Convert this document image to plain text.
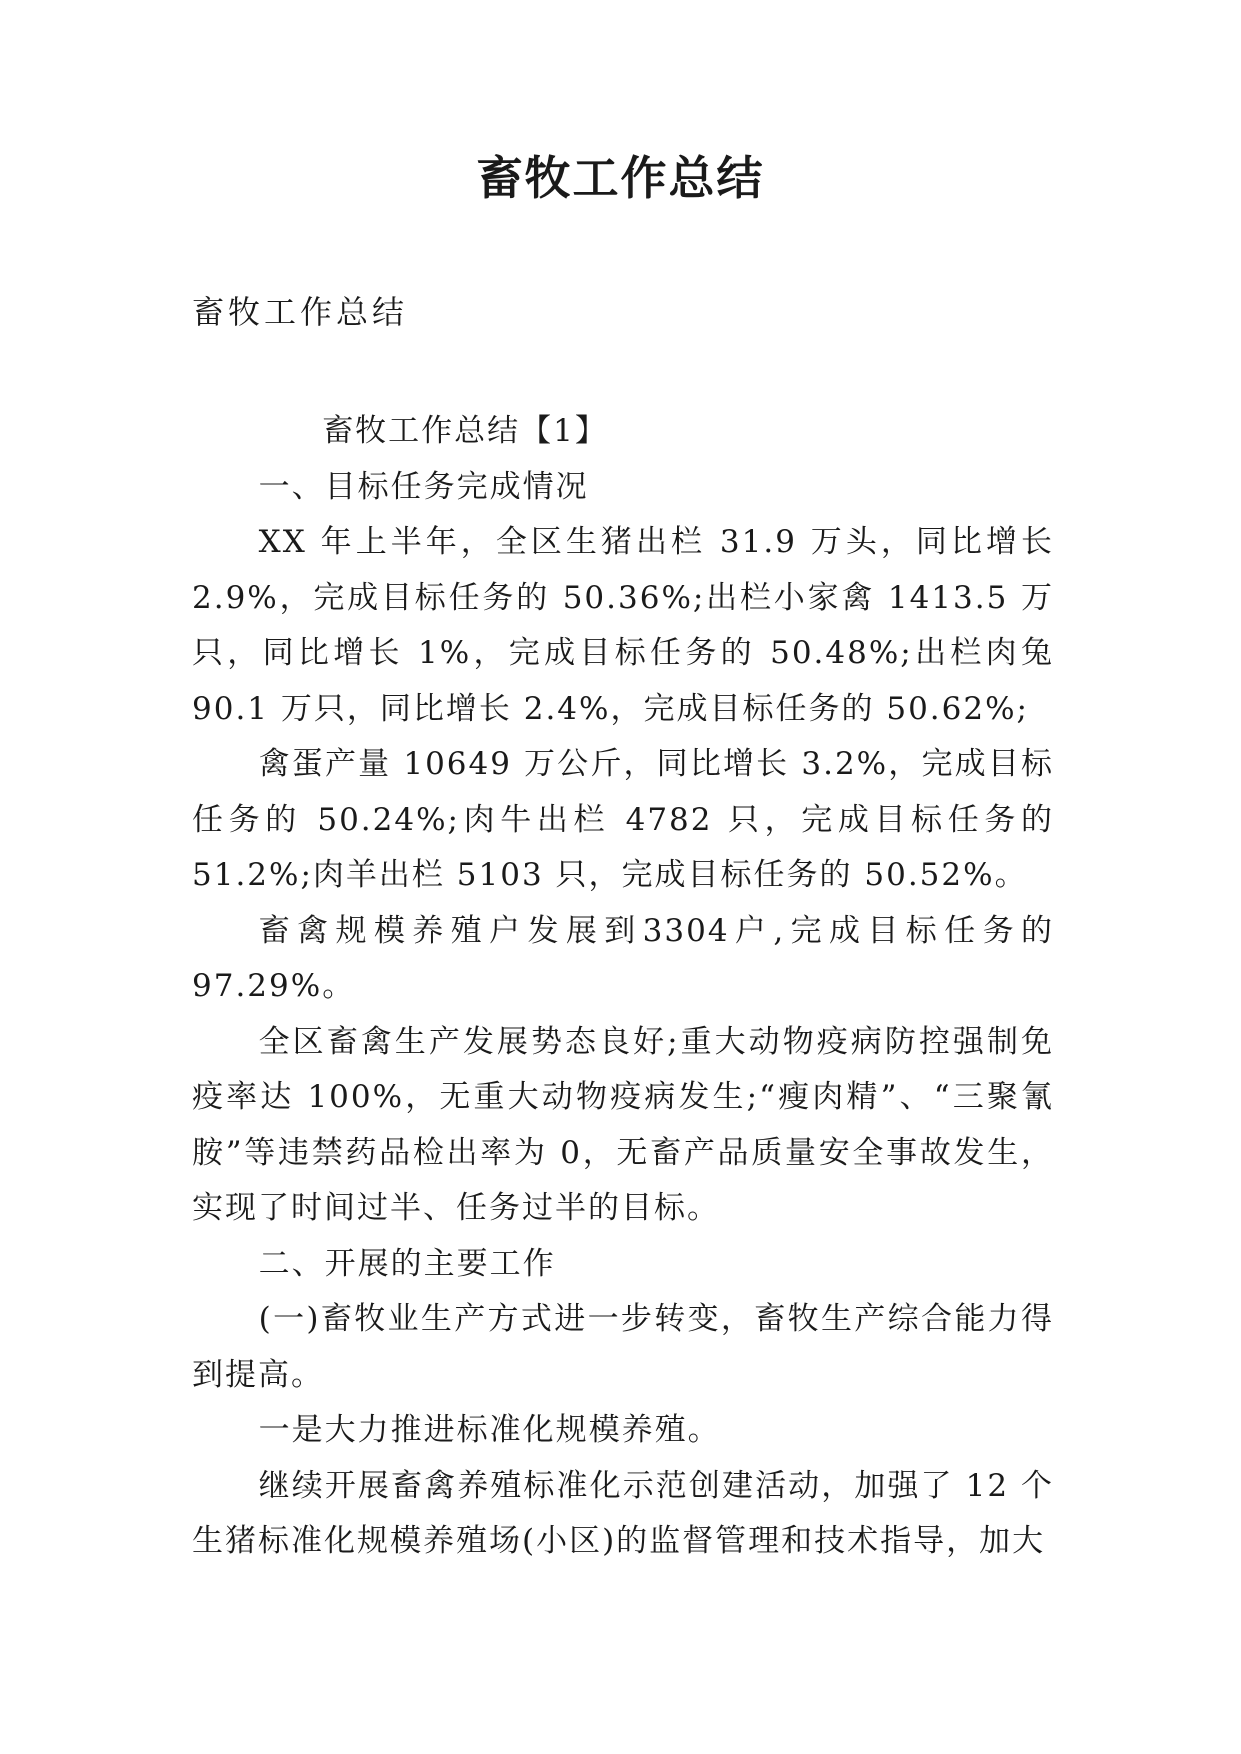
畜牧工作总结
畜牧工作总结

畜牧工作总结【1】

一、目标任务完成情况

XX 年上半年，全区生猪出栏 31.9 万头，同比增长 2.9%，完成目标任务的 50.36%;出栏小家禽 1413.5 万只，同比增长 1%，完成目标任务的 50.48%;出栏肉兔 90.1 万只，同比增长 2.4%，完成目标任务的 50.62%;

禽蛋产量 10649 万公斤，同比增长 3.2%，完成目标任务的 50.24%;肉牛出栏 4782 只，完成目标任务的 51.2%;肉羊出栏 5103 只，完成目标任务的 50.52%。

畜禽规模养殖户发展到3304户,完成目标任务的97.29%。

全区畜禽生产发展势态良好;重大动物疫病防控强制免疫率达 100%，无重大动物疫病发生;“瘦肉精”、“三聚氰胺”等违禁药品检出率为 0，无畜产品质量安全事故发生，实现了时间过半、任务过半的目标。

二、开展的主要工作

(一)畜牧业生产方式进一步转变，畜牧生产综合能力得到提高。

一是大力推进标准化规模养殖。

继续开展畜禽养殖标准化示范创建活动，加强了 12 个生猪标准化规模养殖场(小区)的监督管理和技术指导，加大
